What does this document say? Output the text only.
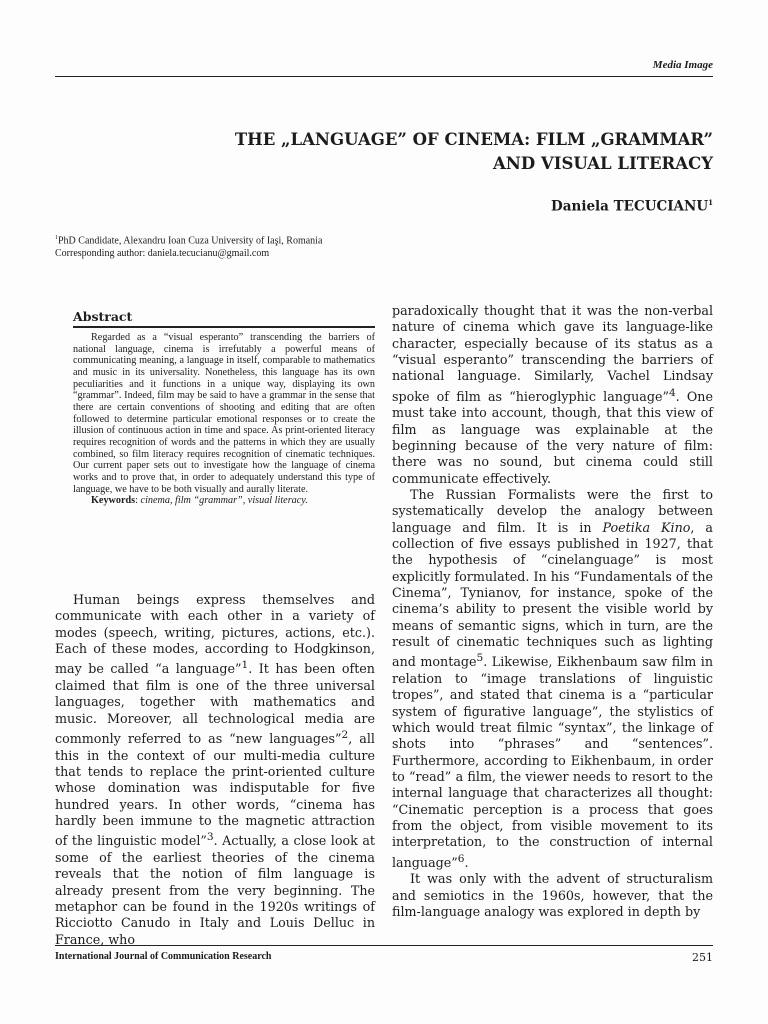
Media Image

THE „LANGUAGE” OF CINEMA: FILM „GRAMMAR”
AND VISUAL LITERACY

Daniela TECUCIANU$^1$

$^1$PhD Candidate, Alexandru Ioan Cuza University of Iaşi, Romania
Corresponding author: daniela.tecucianu@gmail.com
Abstract

Regarded as a “visual esperanto” transcending the barriers of national language, cinema is irrefutably a powerful means of communicating meaning, a language in itself, comparable to mathematics and music in its universality. Nonetheless, this language has its own peculiarities and it functions in a unique way, displaying its own “grammar”. Indeed, film may be said to have a grammar in the sense that there are certain conventions of shooting and editing that are often followed to determine particular emotional responses or to create the illusion of continuous action in time and space. As print-oriented literacy requires recognition of words and the patterns in which they are usually combined, so film literacy requires recognition of cinematic techniques. Our current paper sets out to investigate how the language of cinema works and to prove that, in order to adequately understand this type of language, we have to be both visually and aurally literate.

Keywords: cinema, film “grammar”, visual literacy.

Human beings express themselves and communicate with each other in a variety of modes (speech, writing, pictures, actions, etc.). Each of these modes, according to Hodgkinson, may be called “a language”$^1$. It has been often claimed that film is one of the three universal languages, together with mathematics and music. Moreover, all technological media are commonly referred to as “new languages”$^2$, all this in the context of our multi-media culture that tends to replace the print-oriented culture whose domination was indisputable for five hundred years. In other words, “cinema has hardly been immune to the magnetic attraction of the linguistic model”$^3$. Actually, a close look at some of the earliest theories of the cinema reveals that the notion of film language is already present from the very beginning. The metaphor can be found in the 1920s writings of Ricciotto Canudo in Italy and Louis Delluc in France, who

paradoxically thought that it was the non-verbal nature of cinema which gave its language-like character, especially because of its status as a “visual esperanto” transcending the barriers of national language. Similarly, Vachel Lindsay spoke of film as “hieroglyphic language”$^4$. One must take into account, though, that this view of film as language was explainable at the beginning because of the very nature of film: there was no sound, but cinema could still communicate effectively.

The Russian Formalists were the first to systematically develop the analogy between language and film. It is in Poetika Kino, a collection of five essays published in 1927, that the hypothesis of “cinelanguage” is most explicitly formulated. In his “Fundamentals of the Cinema”, Tynianov, for instance, spoke of the cinema’s ability to present the visible world by means of semantic signs, which in turn, are the result of cinematic techniques such as lighting and montage$^5$. Likewise, Eikhenbaum saw film in relation to “image translations of linguistic tropes”, and stated that cinema is a “particular system of figurative language”, the stylistics of which would treat filmic “syntax”, the linkage of shots into “phrases” and “sentences”. Furthermore, according to Eikhenbaum, in order to “read” a film, the viewer needs to resort to the internal language that characterizes all thought: “Cinematic perception is a process that goes from the object, from visible movement to its interpretation, to the construction of internal language”$^6$.

It was only with the advent of structuralism and semiotics in the 1960s, however, that the film-language analogy was explored in depth by

International Journal of Communication Research	251
